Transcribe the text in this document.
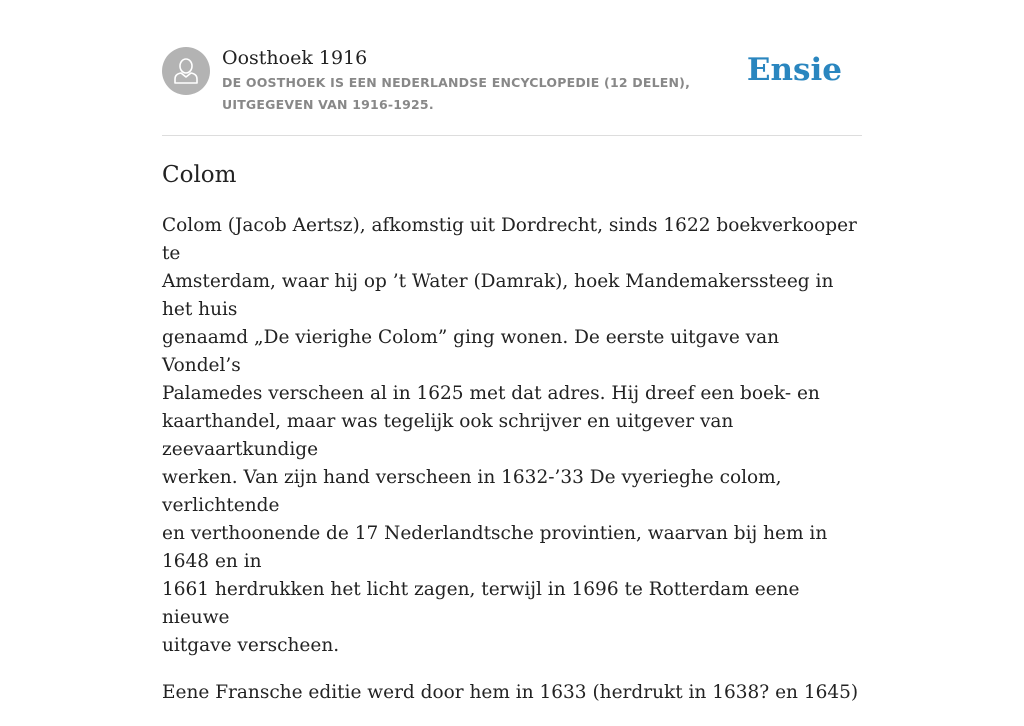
Oosthoek 1916
DE OOSTHOEK IS EEN NEDERLANDSE ENCYCLOPEDIE (12 DELEN), UITGEGEVEN VAN 1916-1925.
Ensie
Colom

Colom (Jacob Aertsz), afkomstig uit Dordrecht, sinds 1622 boekverkooper te
Amsterdam, waar hij op ’t Water (Damrak), hoek Mandemakerssteeg in het huis
genaamd „De vierighe Colom” ging wonen. De eerste uitgave van Vondel’s
Palamedes verscheen al in 1625 met dat adres. Hij dreef een boek- en
kaarthandel, maar was tegelijk ook schrijver en uitgever van zeevaartkundige
werken. Van zijn hand verscheen in 1632-’33 De vyerieghe colom, verlichtende
en verthoonende de 17 Nederlandtsche provintien, waarvan bij hem in 1648 en in
1661 herdrukken het licht zagen, terwijl in 1696 te Rotterdam eene nieuwe
uitgave verscheen.

Eene Fransche editie werd door hem in 1633 (herdrukt in 1638? en 1645)
